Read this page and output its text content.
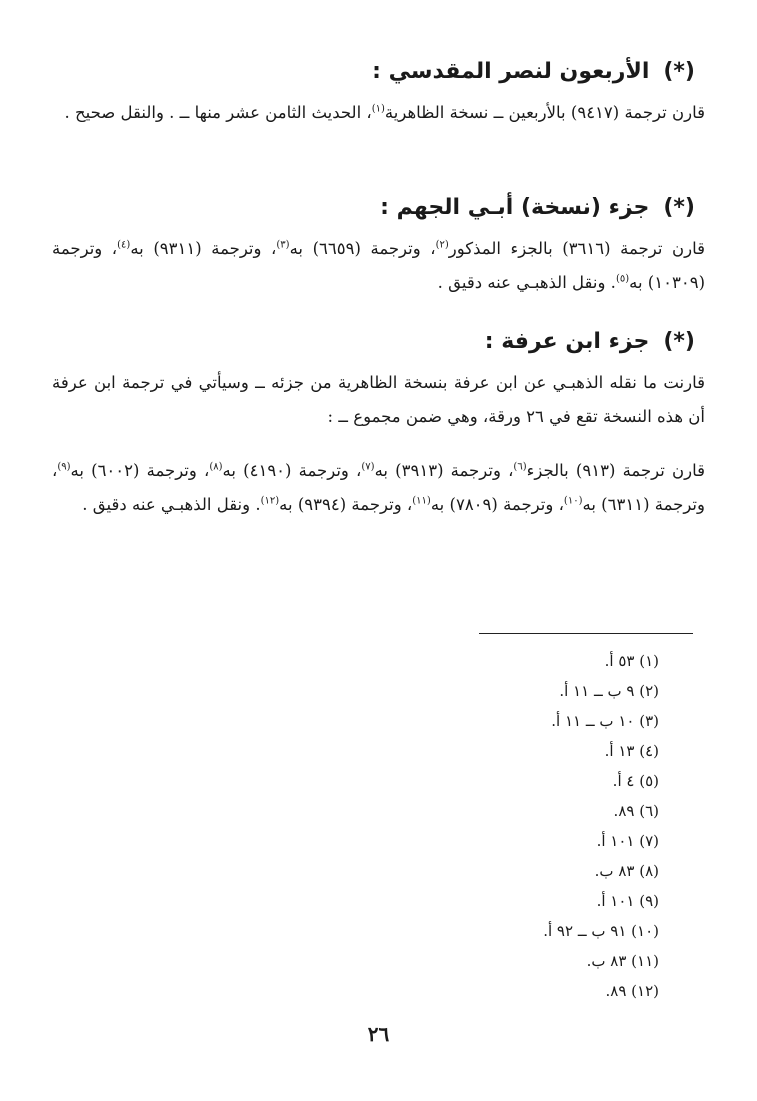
(*)الأربعون لنصر المقدسي :
قارن ترجمة (٩٤١٧) بالأربعين ــ نسخة الظاهرية$^{(١)}$، الحديث الثامن عشر منها ــ . والنقل صحيح .
(*)جزء (نسخة) أبـي الجهم :
قارن ترجمة (٣٦١٦) بالجزء المذكور$^{(٢)}$، وترجمة (٦٦٥٩) به$^{(٣)}$، وترجمة (٩٣١١) به$^{(٤)}$، وترجمة (١٠٣٠٩) به$^{(٥)}$. ونقل الذهبـي عنه دقيق .
(*)جزء ابن عرفة :
قارنت ما نقله الذهبـي عن ابن عرفة بنسخة الظاهرية من جزئه ــ وسيأتي في ترجمة ابن عرفة أن هذه النسخة تقع في ٢٦ ورقة، وهي ضمن مجموع ــ :
قارن ترجمة (٩١٣) بالجزء$^{(٦)}$، وترجمة (٣٩١٣) به$^{(٧)}$، وترجمة (٤١٩٠) به$^{(٨)}$، وترجمة (٦٠٠٢) به$^{(٩)}$، وترجمة (٦٣١١) به$^{(١٠)}$، وترجمة (٧٨٠٩) به$^{(١١)}$، وترجمة (٩٣٩٤) به$^{(١٢)}$. ونقل الذهبـي عنه دقيق .
(١) ٥٣ أ.
(٢) ٩ ب ــ ١١ أ.
(٣) ١٠ ب ــ ١١ أ.
(٤) ١٣ أ.
(٥) ٤ أ.
(٦) ٨٩.
(٧) ١٠١ أ.
(٨) ٨٣ ب.
(٩) ١٠١ أ.
(١٠) ٩١ ب ــ ٩٢ أ.
(١١) ٨٣ ب.
(١٢) ٨٩.
٢٦
